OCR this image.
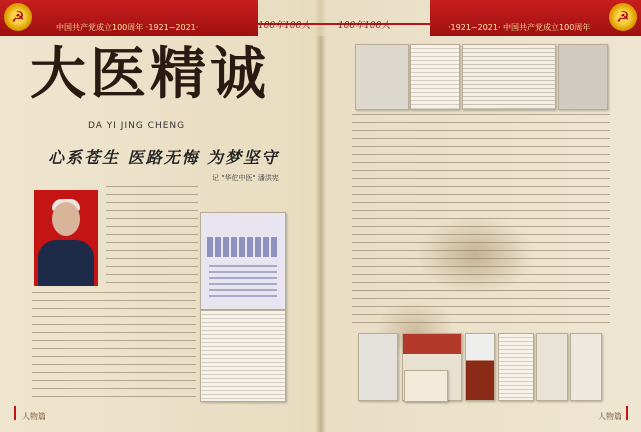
☭	☭
中国共产党成立100周年 ·1921~2021·	100年100人	100年100人	·1921~2021· 中国共产党成立100周年
大医精诚
DA YI JING CHENG
心系苍生 医路无悔 为梦坚守
记 "华佗中医" 潘洪宪
人物篇	人物篇
